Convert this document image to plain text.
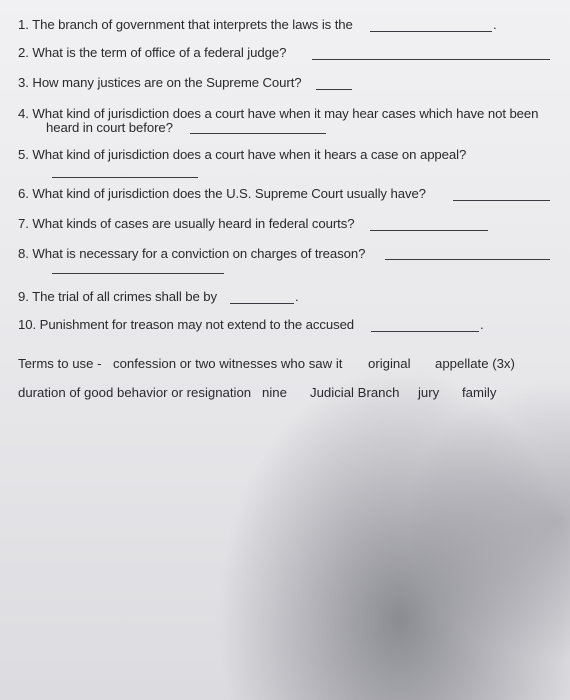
1. The branch of government that interprets the laws is the	.
2. What is the term of office of a federal judge?
3. How many justices are on the Supreme Court?
4. What kind of jurisdiction does a court have when it may hear cases which have not been
heard in court before?
5. What kind of jurisdiction does a court have when it hears a case on appeal?
6. What kind of jurisdiction does the U.S. Supreme Court usually have?
7. What kinds of cases are usually heard in federal courts?
8. What is necessary for a conviction on charges of treason?
9. The trial of all crimes shall be by	.
10. Punishment for treason may not extend to the accused	.
Terms to use - confession or two witnesses who saw it original appellate (3x)
duration of good behavior or resignation nine Judicial Branch jury family
